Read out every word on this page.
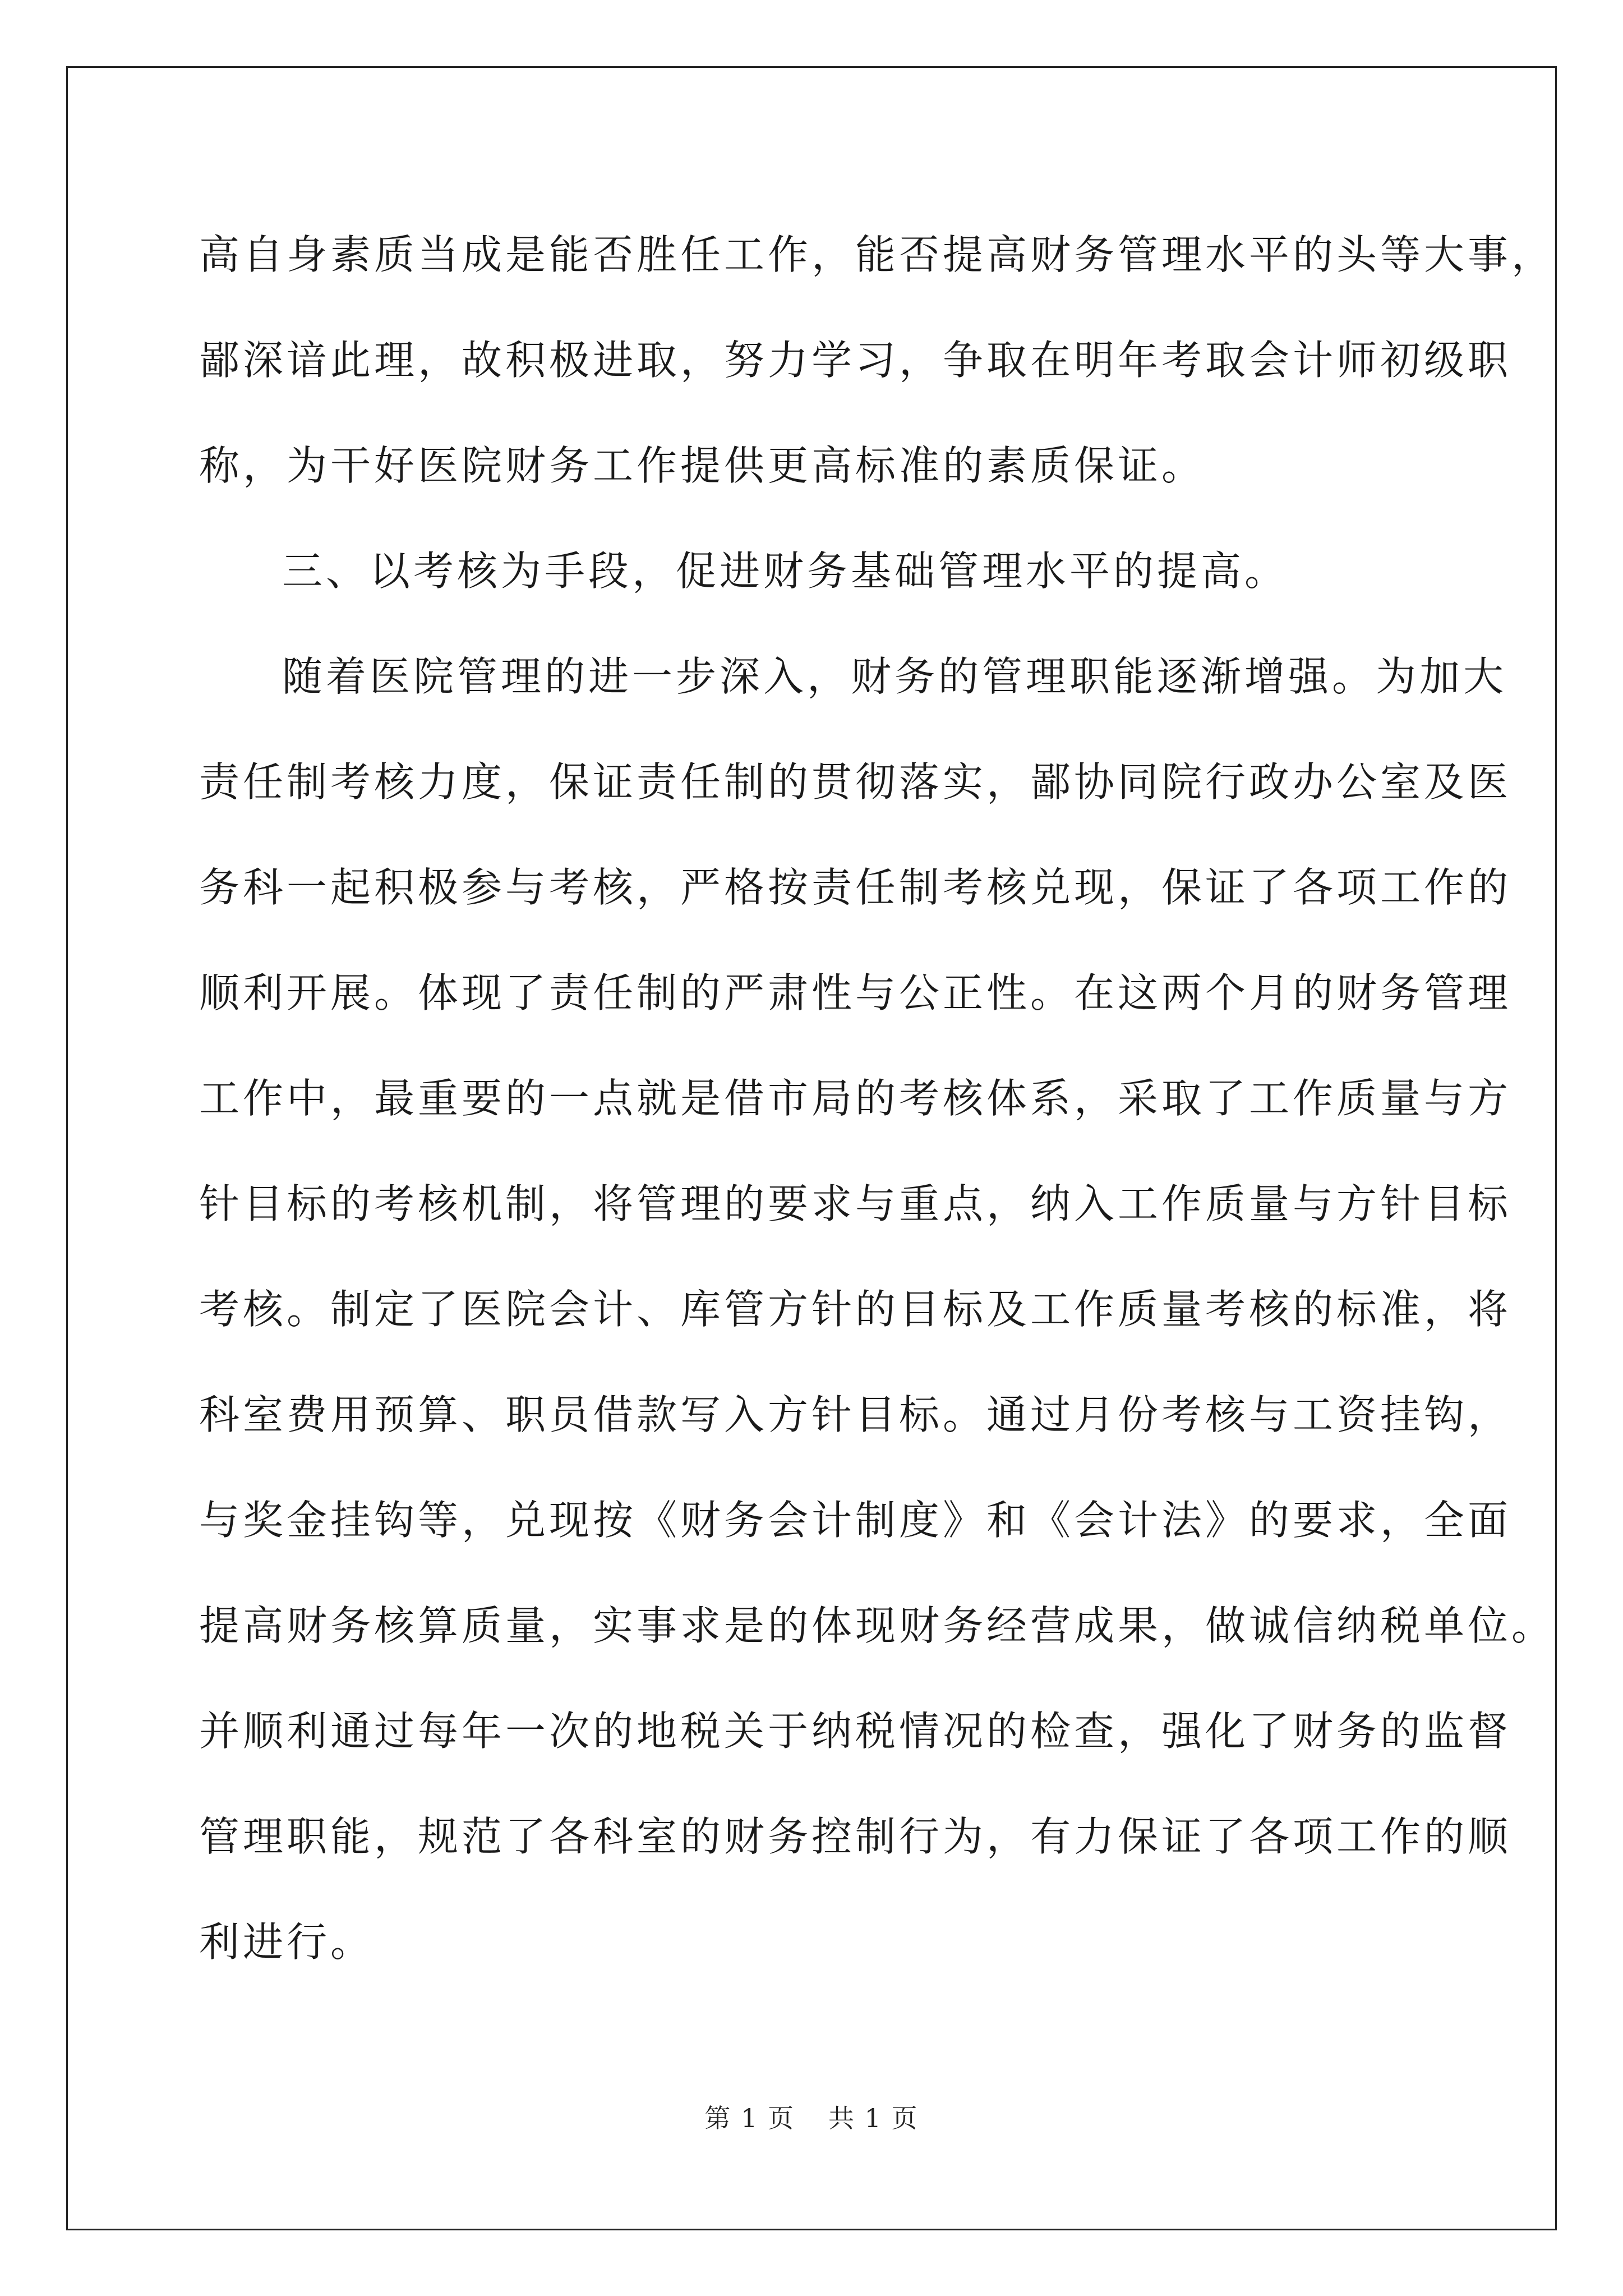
高自身素质当成是能否胜任工作，能否提高财务管理水平的头等大事，
鄙深谙此理，故积极进取，努力学习，争取在明年考取会计师初级职
称，为干好医院财务工作提供更高标准的素质保证。
三、以考核为手段，促进财务基础管理水平的提高。
随着医院管理的进一步深入，财务的管理职能逐渐增强。为加大
责任制考核力度，保证责任制的贯彻落实，鄙协同院行政办公室及医
务科一起积极参与考核，严格按责任制考核兑现，保证了各项工作的
顺利开展。体现了责任制的严肃性与公正性。在这两个月的财务管理
工作中，最重要的一点就是借市局的考核体系，采取了工作质量与方
针目标的考核机制，将管理的要求与重点，纳入工作质量与方针目标
考核。制定了医院会计、库管方针的目标及工作质量考核的标准，将
科室费用预算、职员借款写入方针目标。通过月份考核与工资挂钩，
与奖金挂钩等，兑现按《财务会计制度》和《会计法》的要求，全面
提高财务核算质量，实事求是的体现财务经营成果，做诚信纳税单位。
并顺利通过每年一次的地税关于纳税情况的检查，强化了财务的监督
管理职能，规范了各科室的财务控制行为，有力保证了各项工作的顺
利进行。
第 1 页 共 1 页
